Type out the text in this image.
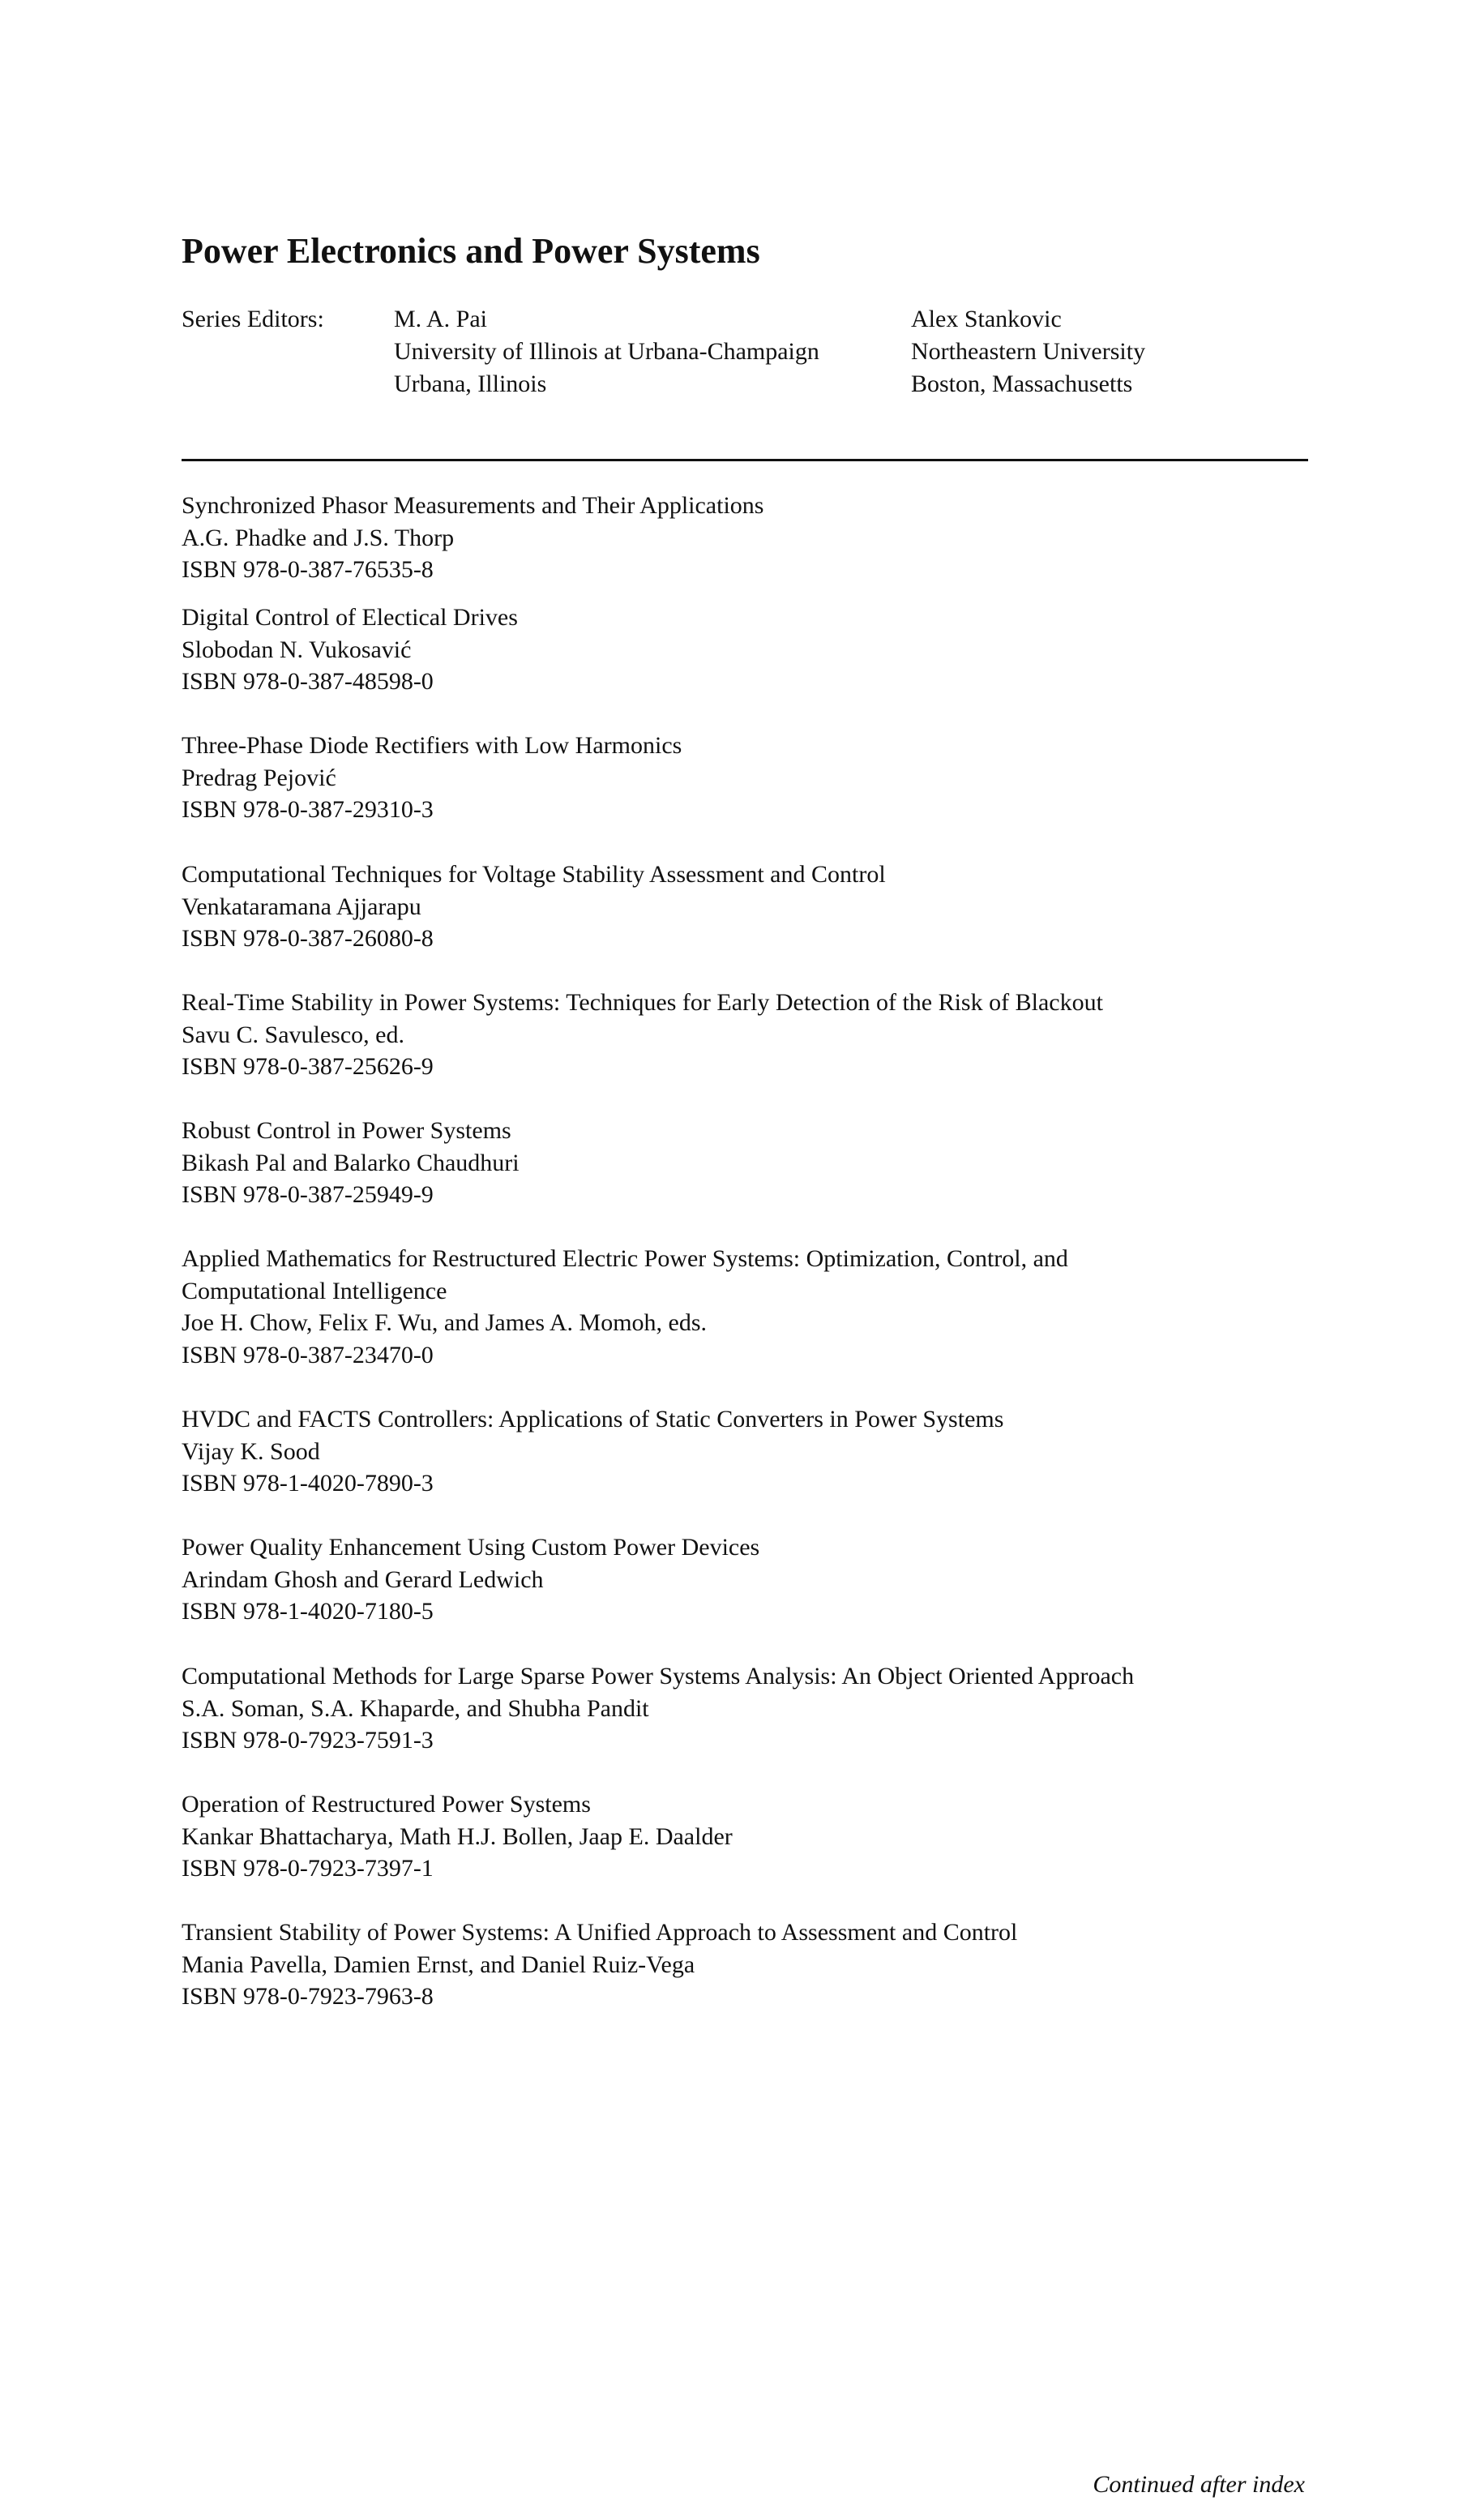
Power Electronics and Power Systems
Series Editors:	M. A. Pai
University of Illinois at Urbana-Champaign
Urbana, Illinois
Alex Stankovic
Northeastern University
Boston, Massachusetts
Synchronized Phasor Measurements and Their Applications
A.G. Phadke and J.S. Thorp
ISBN 978-0-387-76535-8
Digital Control of Electical Drives
Slobodan N. Vukosavić
ISBN 978-0-387-48598-0
Three-Phase Diode Rectifiers with Low Harmonics
Predrag Pejović
ISBN 978-0-387-29310-3
Computational Techniques for Voltage Stability Assessment and Control
Venkataramana Ajjarapu
ISBN 978-0-387-26080-8
Real-Time Stability in Power Systems: Techniques for Early Detection of the Risk of Blackout
Savu C. Savulesco, ed.
ISBN 978-0-387-25626-9
Robust Control in Power Systems
Bikash Pal and Balarko Chaudhuri
ISBN 978-0-387-25949-9
Applied Mathematics for Restructured Electric Power Systems: Optimization, Control, and
Computational Intelligence
Joe H. Chow, Felix F. Wu, and James A. Momoh, eds.
ISBN 978-0-387-23470-0
HVDC and FACTS Controllers: Applications of Static Converters in Power Systems
Vijay K. Sood
ISBN 978-1-4020-7890-3
Power Quality Enhancement Using Custom Power Devices
Arindam Ghosh and Gerard Ledwich
ISBN 978-1-4020-7180-5
Computational Methods for Large Sparse Power Systems Analysis: An Object Oriented Approach
S.A. Soman, S.A. Khaparde, and Shubha Pandit
ISBN 978-0-7923-7591-3
Operation of Restructured Power Systems
Kankar Bhattacharya, Math H.J. Bollen, Jaap E. Daalder
ISBN 978-0-7923-7397-1
Transient Stability of Power Systems: A Unified Approach to Assessment and Control
Mania Pavella, Damien Ernst, and Daniel Ruiz-Vega
ISBN 978-0-7923-7963-8
Continued after index
